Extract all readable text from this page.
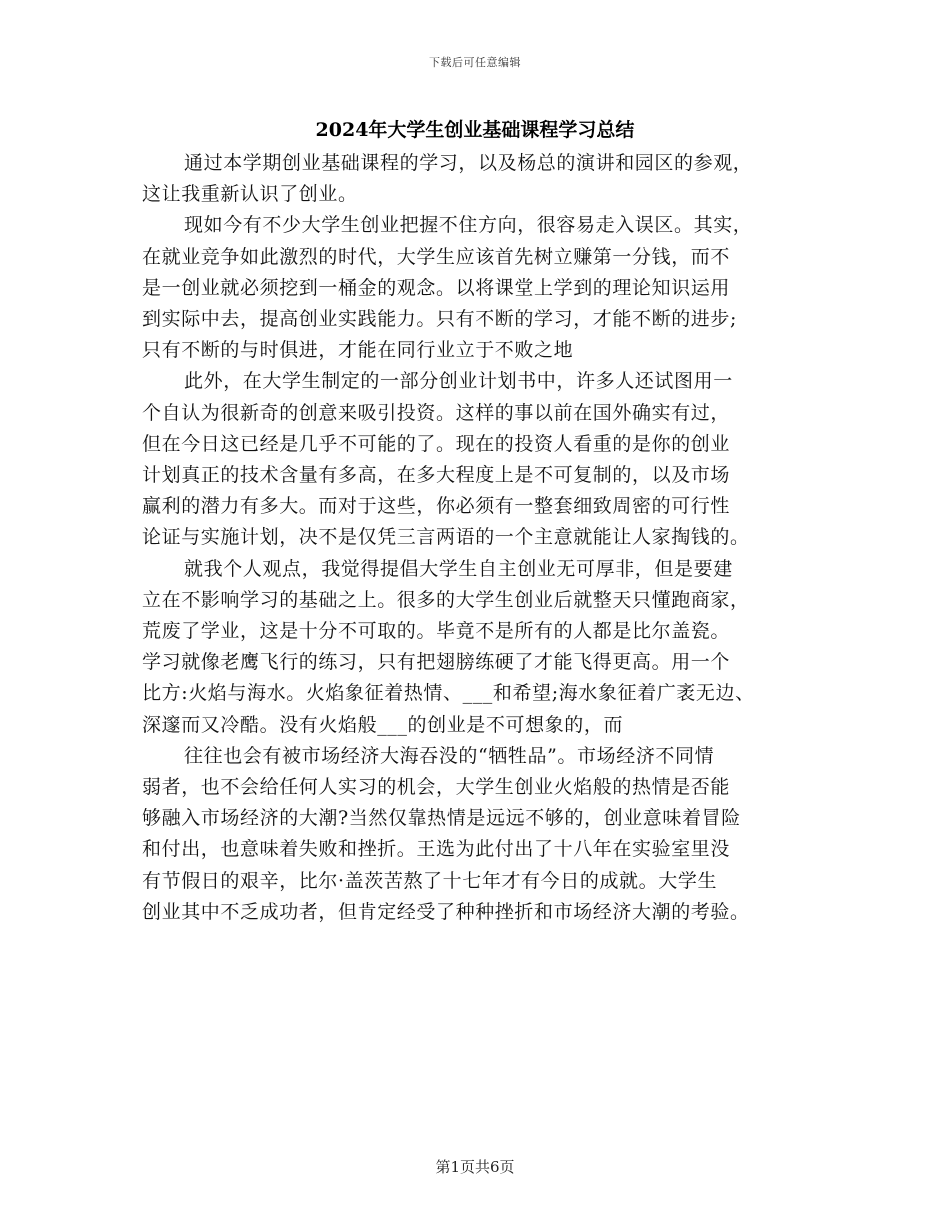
下载后可任意编辑
2024年大学生创业基础课程学习总结

通过本学期创业基础课程的学习，以及杨总的演讲和园区的参观，
这让我重新认识了创业。

现如今有不少大学生创业把握不住方向，很容易走入误区。其实，
在就业竞争如此激烈的时代，大学生应该首先树立赚第一分钱，而不
是一创业就必须挖到一桶金的观念。以将课堂上学到的理论知识运用
到实际中去，提高创业实践能力。只有不断的学习，才能不断的进步;
只有不断的与时俱进，才能在同行业立于不败之地

此外，在大学生制定的一部分创业计划书中，许多人还试图用一
个自认为很新奇的创意来吸引投资。这样的事以前在国外确实有过，
但在今日这已经是几乎不可能的了。现在的投资人看重的是你的创业
计划真正的技术含量有多高，在多大程度上是不可复制的，以及市场
赢利的潜力有多大。而对于这些，你必须有一整套细致周密的可行性
论证与实施计划，决不是仅凭三言两语的一个主意就能让人家掏钱的。

就我个人观点，我觉得提倡大学生自主创业无可厚非，但是要建
立在不影响学习的基础之上。很多的大学生创业后就整天只懂跑商家，
荒废了学业，这是十分不可取的。毕竟不是所有的人都是比尔盖瓷。
学习就像老鹰飞行的练习，只有把翅膀练硬了才能飞得更高。用一个
比方:火焰与海水。火焰象征着热情、___和希望;海水象征着广袤无边、
深邃而又冷酷。没有火焰般___的创业是不可想象的，而

往往也会有被市场经济大海吞没的“牺牲品”。市场经济不同情
弱者，也不会给任何人实习的机会，大学生创业火焰般的热情是否能
够融入市场经济的大潮?当然仅靠热情是远远不够的，创业意味着冒险
和付出，也意味着失败和挫折。王选为此付出了十八年在实验室里没
有节假日的艰辛，比尔·盖茨苦熬了十七年才有今日的成就。大学生
创业其中不乏成功者，但肯定经受了种种挫折和市场经济大潮的考验。

第1页共6页
